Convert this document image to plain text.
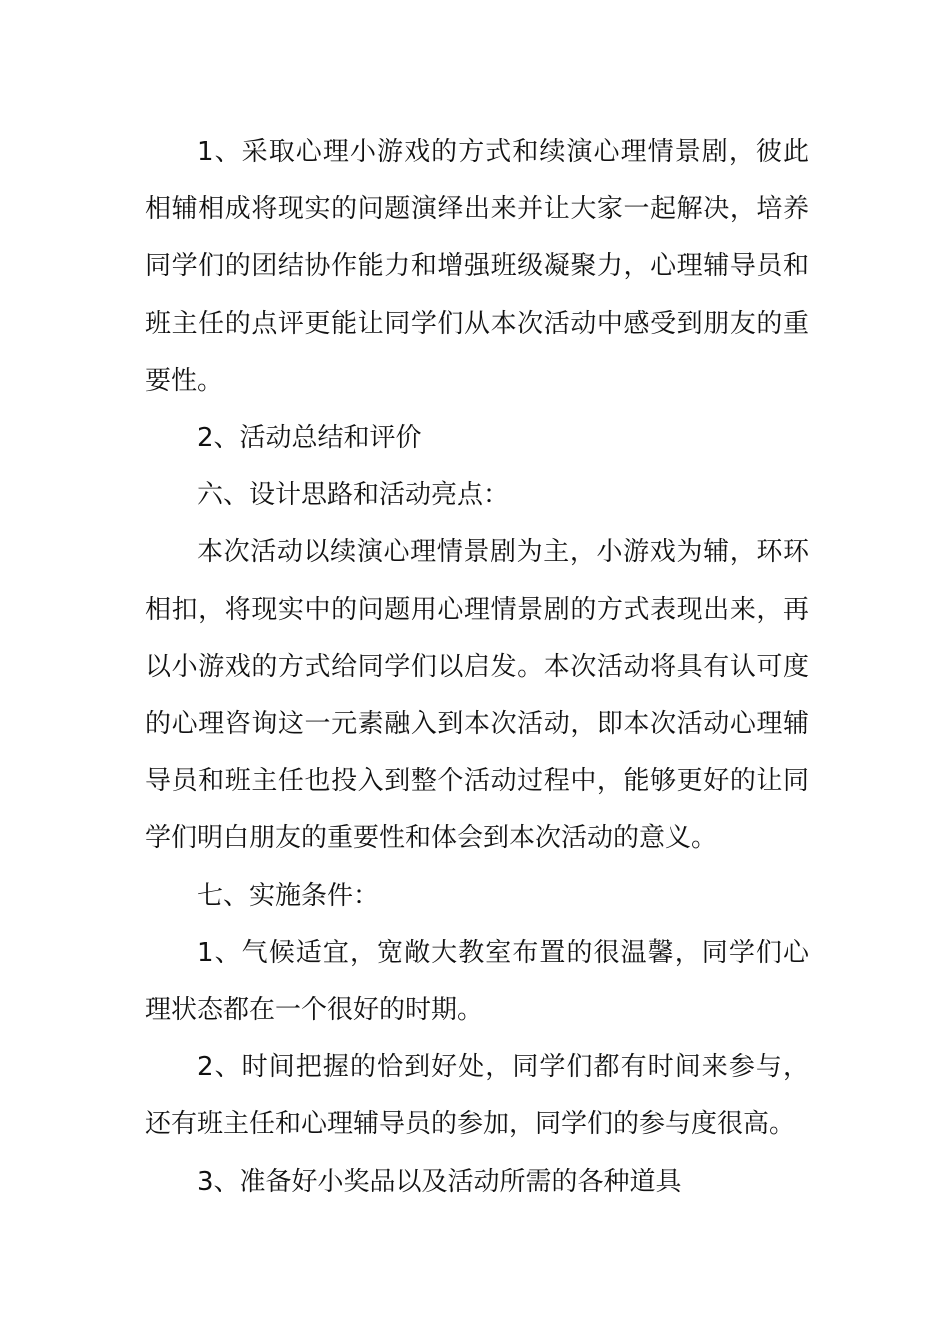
1、采取心理小游戏的方式和续演心理情景剧，彼此相辅相成将现实的问题演绎出来并让大家一起解决，培养同学们的团结协作能力和增强班级凝聚力，心理辅导员和班主任的点评更能让同学们从本次活动中感受到朋友的重要性。

2、活动总结和评价

六、设计思路和活动亮点：

本次活动以续演心理情景剧为主，小游戏为辅，环环相扣，将现实中的问题用心理情景剧的方式表现出来，再以小游戏的方式给同学们以启发。本次活动将具有认可度的心理咨询这一元素融入到本次活动，即本次活动心理辅导员和班主任也投入到整个活动过程中，能够更好的让同学们明白朋友的重要性和体会到本次活动的意义。

七、实施条件：

1、气候适宜，宽敞大教室布置的很温馨，同学们心理状态都在一个很好的时期。

2、时间把握的恰到好处，同学们都有时间来参与，还有班主任和心理辅导员的参加，同学们的参与度很高。

3、准备好小奖品以及活动所需的各种道具
